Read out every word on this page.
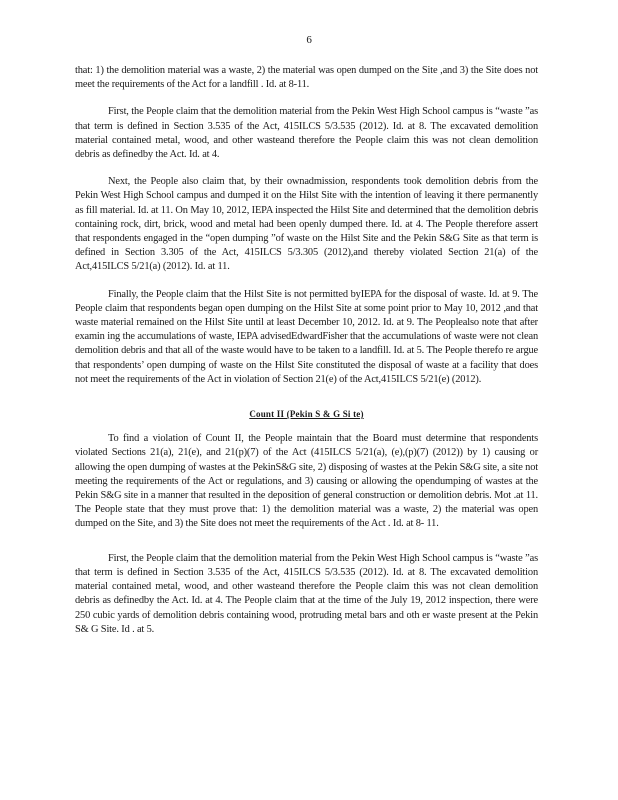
6

that: 1) the demolition material was a waste, 2) the material was open dumped on the Site ,and 3) the Site does not meet the requirements of the Act for a landfill . Id. at 8-11.

First, the People claim that the demolition material from the Pekin West High School campus is “waste ”as that term is defined in Section 3.535 of the Act, 415ILCS 5/3.535 (2012). Id. at 8. The excavated demolition material contained metal, wood, and other wasteand therefore the People claim this was not clean demolition debris as definedby the Act. Id. at 4.

Next, the People also claim that, by their ownadmission, respondents took demolition debris from the Pekin West High School campus and dumped it on the Hilst Site with the intention of leaving it there permanently as fill material. Id. at 11. On May 10, 2012, IEPA inspected the Hilst Site and determined that the demolition debris containing rock, dirt, brick, wood and metal had been openly dumped there. Id. at 4. The People therefore assert that respondents engaged in the “open dumping ”of waste on the Hilst Site and the Pekin S&G Site as that term is defined in Section 3.305 of the Act, 415ILCS 5/3.305 (2012),and thereby violated Section 21(a) of the Act,415ILCS 5/21(a) (2012). Id. at 11.

Finally, the People claim that the Hilst Site is not permitted byIEPA for the disposal of waste. Id. at 9. The People claim that respondents began open dumping on the Hilst Site at some point prior to May 10, 2012 ,and that waste material remained on the Hilst Site until at least December 10, 2012. Id. at 9. The Peoplealso note that after examin ing the accumulations of waste, IEPA advisedEdwardFisher that the accumulations of waste were not clean demolition debris and that all of the waste would have to be taken to a landfill. Id. at 5. The People therefo re argue that respondents’ open dumping of waste on the Hilst Site constituted the disposal of waste at a facility that does not meet the requirements of the Act in violation of Section 21(e) of the Act,415ILCS 5/21(e) (2012).

Count II (Pekin S & G Si te)

To find a violation of Count II, the People maintain that the Board must determine that respondents violated Sections 21(a), 21(e), and 21(p)(7) of the Act (415ILCS 5/21(a), (e),(p)(7) (2012)) by 1) causing or allowing the open dumping of wastes at the PekinS&G site, 2) disposing of wastes at the Pekin S&G site, a site not meeting the requirements of the Act or regulations, and 3) causing or allowing the opendumping of wastes at the Pekin S&G site in a manner that resulted in the deposition of general construction or demolition debris. Mot .at 11. The People state that they must prove that: 1) the demolition material was a waste, 2) the material was open dumped on the Site, and 3) the Site does not meet the requirements of the Act . Id. at 8- 11.

First, the People claim that the demolition material from the Pekin West High School campus is “waste ”as that term is defined in Section 3.535 of the Act, 415ILCS 5/3.535 (2012). Id. at 8. The excavated demolition material contained metal, wood, and other wasteand therefore the People claim this was not clean demolition debris as definedby the Act. Id. at 4. The People claim that at the time of the July 19, 2012 inspection, there were 250 cubic yards of demolition debris containing wood, protruding metal bars and oth er waste present at the Pekin S& G Site. Id . at 5.
